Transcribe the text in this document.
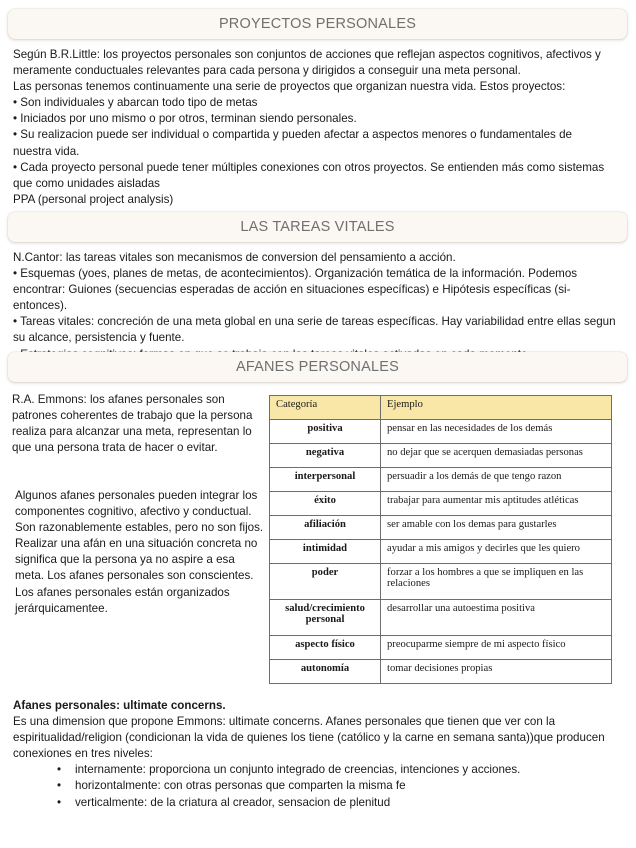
PROYECTOS PERSONALES

Según B.R.Little: los proyectos personales son conjuntos de acciones que reflejan aspectos cognitivos, afectivos y meramente conductuales relevantes para cada persona y dirigidos a conseguir una meta personal.

Las personas tenemos continuamente una serie de proyectos que organizan nuestra vida. Estos proyectos:

• Son individuales y abarcan todo tipo de metas

• Iniciados por uno mismo o por otros, terminan siendo personales.

• Su realizacion puede ser individual o compartida y pueden afectar a aspectos menores o fundamentales de nuestra vida.

• Cada proyecto personal puede tener múltiples conexiones con otros proyectos. Se entienden más como sistemas que como unidades aisladas

PPA (personal project analysis)

LAS TAREAS VITALES

N.Cantor: las tareas vitales son mecanismos de conversion del pensamiento a acción.

• Esquemas (yoes, planes de metas, de acontecimientos). Organización temática de la información. Podemos encontrar: Guiones (secuencias esperadas de acción en situaciones específicas) e Hipótesis específicas (si-entonces).

• Tareas vitales: concreción de una meta global en una serie de tareas específicas. Hay variabilidad entre ellas segun su alcance, persistencia y fuente.

AFANES PERSONALES

R.A. Emmons: los afanes personales son patrones coherentes de trabajo que la persona realiza para alcanzar una meta, representan lo que una persona trata de hacer o evitar.

Algunos afanes personales pueden integrar los componentes cognitivo, afectivo y conductual. Son razonablemente estables, pero no son fijos. Realizar una afán en una situación concreta no significa que la persona ya no aspire a esa meta. Los afanes personales son conscientes. Los afanes personales están organizados jerárquicamentee.

Categoría	Ejemplo
positiva	pensar en las necesidades de los demás
negativa	no dejar que se acerquen demasiadas personas
interpersonal	persuadir a los demás de que tengo razon
éxito	trabajar para aumentar mis aptitudes atléticas
afiliación	ser amable con los demas para gustarles
intimidad	ayudar a mis amigos y decirles que les quiero
poder	forzar a los hombres a que se impliquen en las relaciones
salud/crecimiento personal	desarrollar una autoestima positiva
aspecto físico	preocuparme siempre de mi aspecto físico
autonomía	tomar decisiones propias

Afanes personales: ultimate concerns.

Es una dimension que propone Emmons: ultimate concerns. Afanes personales que tienen que ver con la espiritualidad/religion (condicionan la vida de quienes los tiene (católico y la carne en semana santa))que producen conexiones en tres niveles:

•	internamente: proporciona un conjunto integrado de creencias, intenciones y acciones.
•	horizontalmente: con otras personas que comparten la misma fe
•	verticalmente: de la criatura al creador, sensacion de plenitud
